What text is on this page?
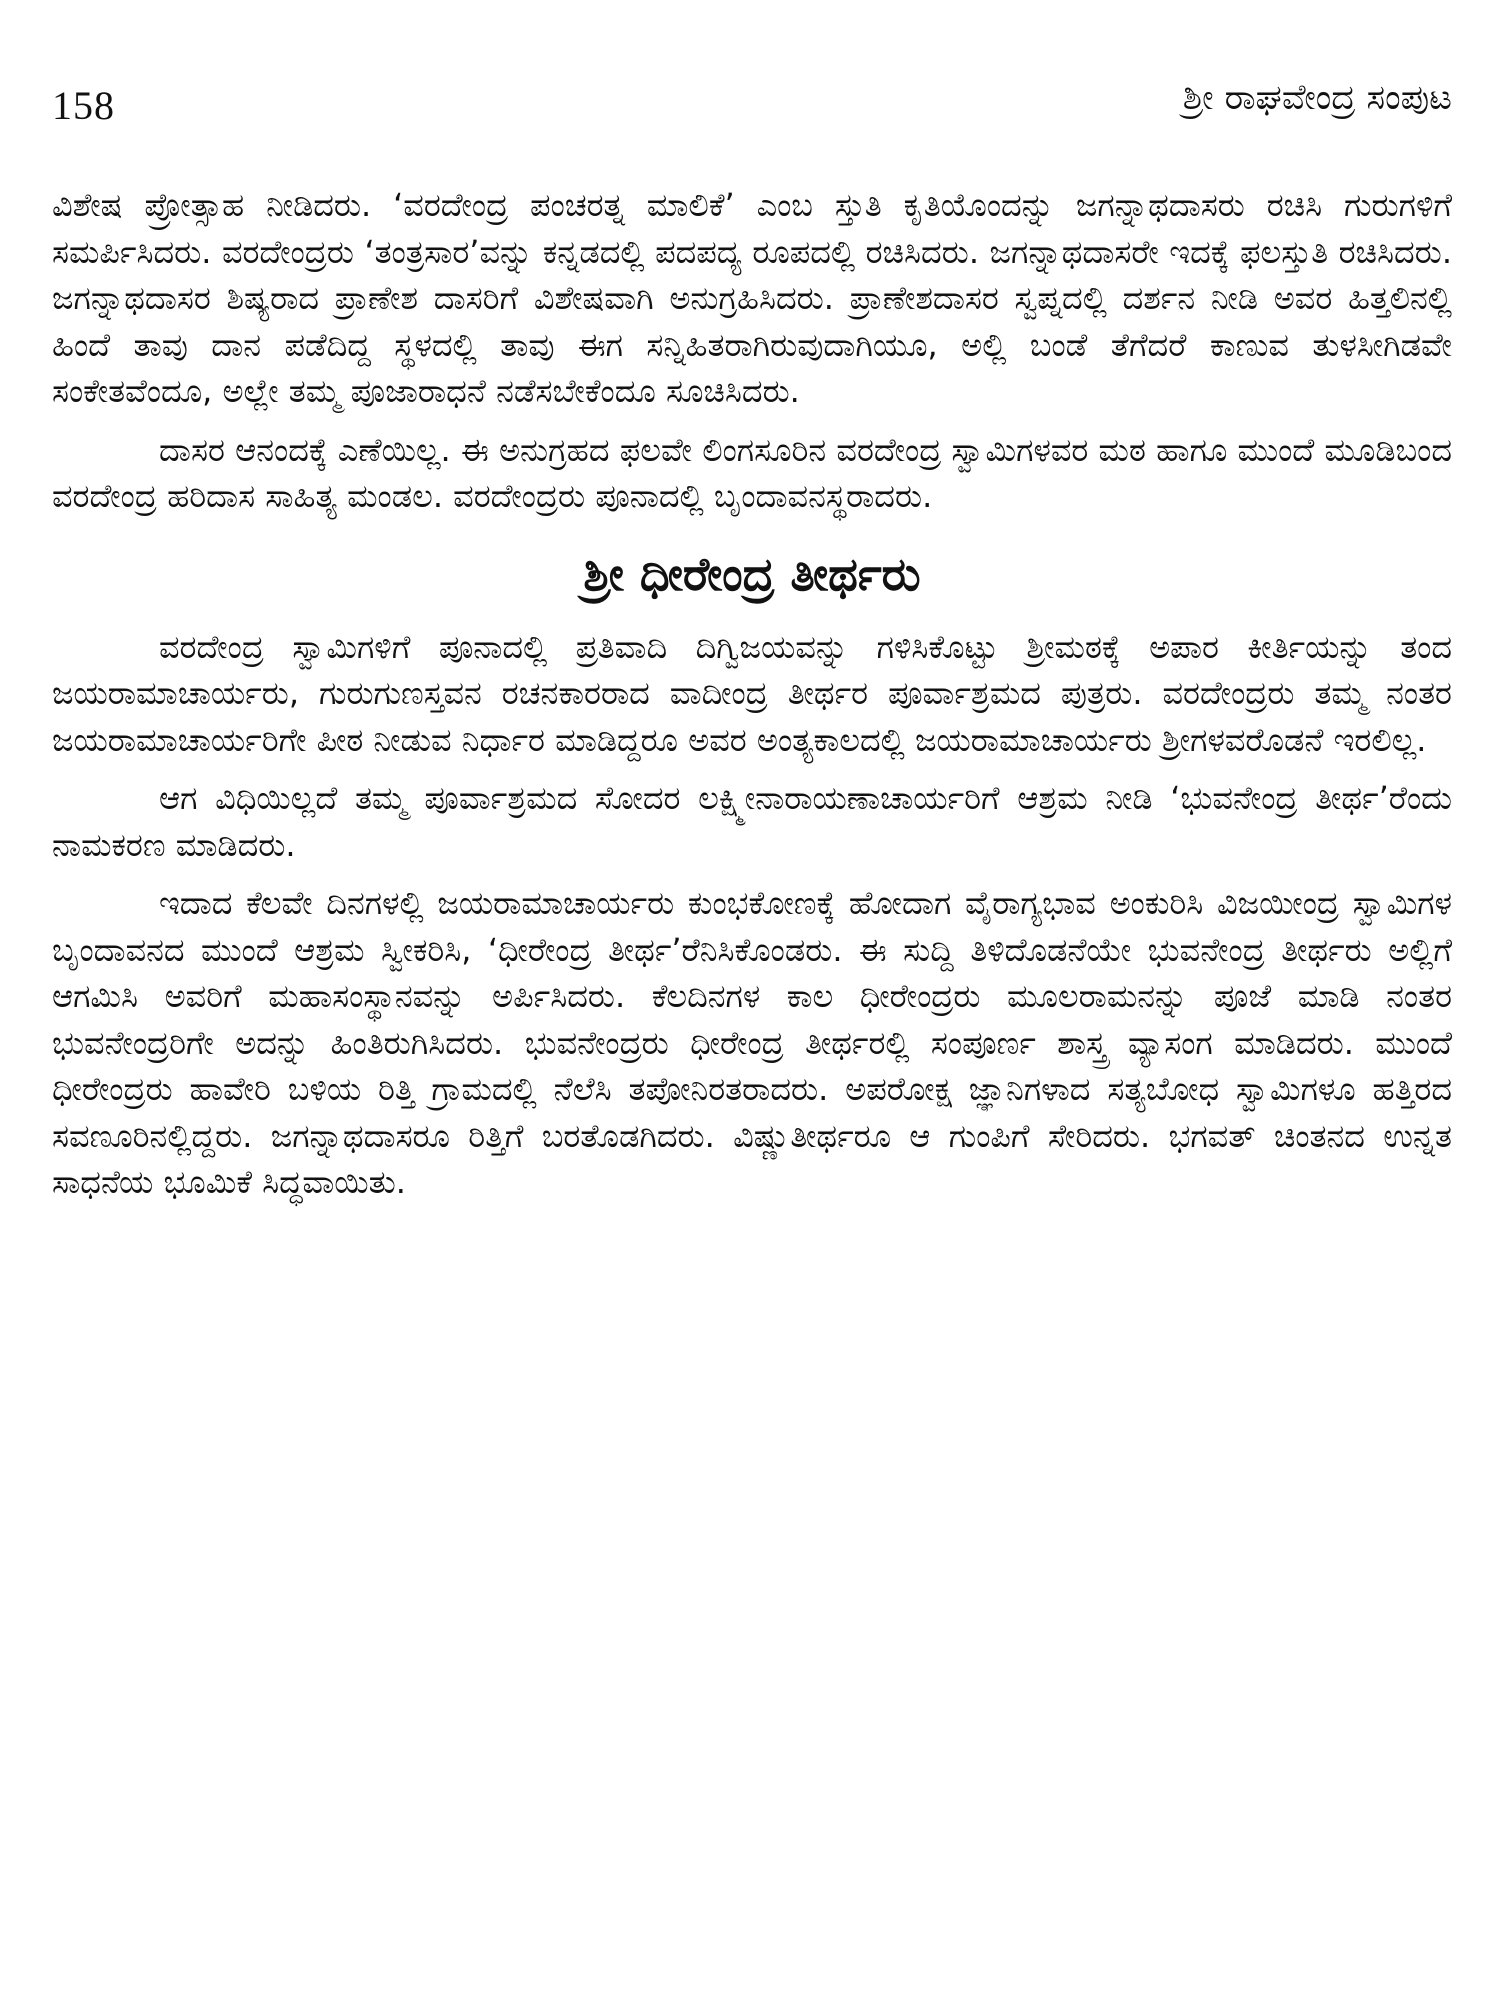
158	ಶ್ರೀ ರಾಘವೇಂದ್ರ ಸಂಪುಟ

ವಿಶೇಷ ಪ್ರೋತ್ಸಾಹ ನೀಡಿದರು. ‘ವರದೇಂದ್ರ ಪಂಚರತ್ನ ಮಾಲಿಕೆ’ ಎಂಬ ಸ್ತುತಿ ಕೃತಿಯೊಂದನ್ನು ಜಗನ್ನಾಥದಾಸರು ರಚಿಸಿ ಗುರುಗಳಿಗೆ ಸಮರ್ಪಿಸಿದರು. ವರದೇಂದ್ರರು ‘ತಂತ್ರಸಾರ’ವನ್ನು ಕನ್ನಡದಲ್ಲಿ ಪದಪದ್ಯ ರೂಪದಲ್ಲಿ ರಚಿಸಿದರು. ಜಗನ್ನಾಥದಾಸರೇ ಇದಕ್ಕೆ ಫಲಸ್ತುತಿ ರಚಿಸಿದರು. ಜಗನ್ನಾಥದಾಸರ ಶಿಷ್ಯರಾದ ಪ್ರಾಣೇಶ ದಾಸರಿಗೆ ವಿಶೇಷವಾಗಿ ಅನುಗ್ರಹಿಸಿದರು. ಪ್ರಾಣೇಶದಾಸರ ಸ್ವಪ್ನದಲ್ಲಿ ದರ್ಶನ ನೀಡಿ ಅವರ ಹಿತ್ತಲಿನಲ್ಲಿ ಹಿಂದೆ ತಾವು ದಾನ ಪಡೆದಿದ್ದ ಸ್ಥಳದಲ್ಲಿ ತಾವು ಈಗ ಸನ್ನಿಹಿತರಾಗಿರುವುದಾಗಿಯೂ, ಅಲ್ಲಿ ಬಂಡೆ ತೆಗೆದರೆ ಕಾಣುವ ತುಳಸೀಗಿಡವೇ ಸಂಕೇತವೆಂದೂ, ಅಲ್ಲೇ ತಮ್ಮ ಪೂಜಾರಾಧನೆ ನಡೆಸಬೇಕೆಂದೂ ಸೂಚಿಸಿದರು.

ದಾಸರ ಆನಂದಕ್ಕೆ ಎಣೆಯಿಲ್ಲ. ಈ ಅನುಗ್ರಹದ ಫಲವೇ ಲಿಂಗಸೂರಿನ ವರದೇಂದ್ರ ಸ್ವಾಮಿಗಳವರ ಮಠ ಹಾಗೂ ಮುಂದೆ ಮೂಡಿಬಂದ ವರದೇಂದ್ರ ಹರಿದಾಸ ಸಾಹಿತ್ಯ ಮಂಡಲ. ವರದೇಂದ್ರರು ಪೂನಾದಲ್ಲಿ ಬೃಂದಾವನಸ್ಥರಾದರು.

ಶ್ರೀ ಧೀರೇಂದ್ರ ತೀರ್ಥರು

ವರದೇಂದ್ರ ಸ್ವಾಮಿಗಳಿಗೆ ಪೂನಾದಲ್ಲಿ ಪ್ರತಿವಾದಿ ದಿಗ್ವಿಜಯವನ್ನು ಗಳಿಸಿಕೊಟ್ಟು ಶ್ರೀಮಠಕ್ಕೆ ಅಪಾರ ಕೀರ್ತಿಯನ್ನು ತಂದ ಜಯರಾಮಾಚಾರ್ಯರು, ಗುರುಗುಣಸ್ತವನ ರಚನಕಾರರಾದ ವಾದೀಂದ್ರ ತೀರ್ಥರ ಪೂರ್ವಾಶ್ರಮದ ಪುತ್ರರು. ವರದೇಂದ್ರರು ತಮ್ಮ ನಂತರ ಜಯರಾಮಾಚಾರ್ಯರಿಗೇ ಪೀಠ ನೀಡುವ ನಿರ್ಧಾರ ಮಾಡಿದ್ದರೂ ಅವರ ಅಂತ್ಯಕಾಲದಲ್ಲಿ ಜಯರಾಮಾಚಾರ್ಯರು ಶ್ರೀಗಳವರೊಡನೆ ಇರಲಿಲ್ಲ.

ಆಗ ವಿಧಿಯಿಲ್ಲದೆ ತಮ್ಮ ಪೂರ್ವಾಶ್ರಮದ ಸೋದರ ಲಕ್ಷ್ಮೀನಾರಾಯಣಾಚಾರ್ಯರಿಗೆ ಆಶ್ರಮ ನೀಡಿ ‘ಭುವನೇಂದ್ರ ತೀರ್ಥ’ರೆಂದು ನಾಮಕರಣ ಮಾಡಿದರು.

ಇದಾದ ಕೆಲವೇ ದಿನಗಳಲ್ಲಿ ಜಯರಾಮಾಚಾರ್ಯರು ಕುಂಭಕೋಣಕ್ಕೆ ಹೋದಾಗ ವೈರಾಗ್ಯಭಾವ ಅಂಕುರಿಸಿ ವಿಜಯೀಂದ್ರ ಸ್ವಾಮಿಗಳ ಬೃಂದಾವನದ ಮುಂದೆ ಆಶ್ರಮ ಸ್ವೀಕರಿಸಿ, ‘ಧೀರೇಂದ್ರ ತೀರ್ಥ’ರೆನಿಸಿಕೊಂಡರು. ಈ ಸುದ್ದಿ ತಿಳಿದೊಡನೆಯೇ ಭುವನೇಂದ್ರ ತೀರ್ಥರು ಅಲ್ಲಿಗೆ ಆಗಮಿಸಿ ಅವರಿಗೆ ಮಹಾಸಂಸ್ಥಾನವನ್ನು ಅರ್ಪಿಸಿದರು. ಕೆಲದಿನಗಳ ಕಾಲ ಧೀರೇಂದ್ರರು ಮೂಲರಾಮನನ್ನು ಪೂಜೆ ಮಾಡಿ ನಂತರ ಭುವನೇಂದ್ರರಿಗೇ ಅದನ್ನು ಹಿಂತಿರುಗಿಸಿದರು. ಭುವನೇಂದ್ರರು ಧೀರೇಂದ್ರ ತೀರ್ಥರಲ್ಲಿ ಸಂಪೂರ್ಣ ಶಾಸ್ತ್ರ ವ್ಯಾಸಂಗ ಮಾಡಿದರು. ಮುಂದೆ ಧೀರೇಂದ್ರರು ಹಾವೇರಿ ಬಳಿಯ ರಿತ್ತಿ ಗ್ರಾಮದಲ್ಲಿ ನೆಲೆಸಿ ತಪೋನಿರತರಾದರು. ಅಪರೋಕ್ಷ ಜ್ಞಾನಿಗಳಾದ ಸತ್ಯಬೋಧ ಸ್ವಾಮಿಗಳೂ ಹತ್ತಿರದ ಸವಣೂರಿನಲ್ಲಿದ್ದರು. ಜಗನ್ನಾಥದಾಸರೂ ರಿತ್ತಿಗೆ ಬರತೊಡಗಿದರು. ವಿಷ್ಣುತೀರ್ಥರೂ ಆ ಗುಂಪಿಗೆ ಸೇರಿದರು. ಭಗವತ್ ಚಿಂತನದ ಉನ್ನತ ಸಾಧನೆಯ ಭೂಮಿಕೆ ಸಿದ್ಧವಾಯಿತು.
